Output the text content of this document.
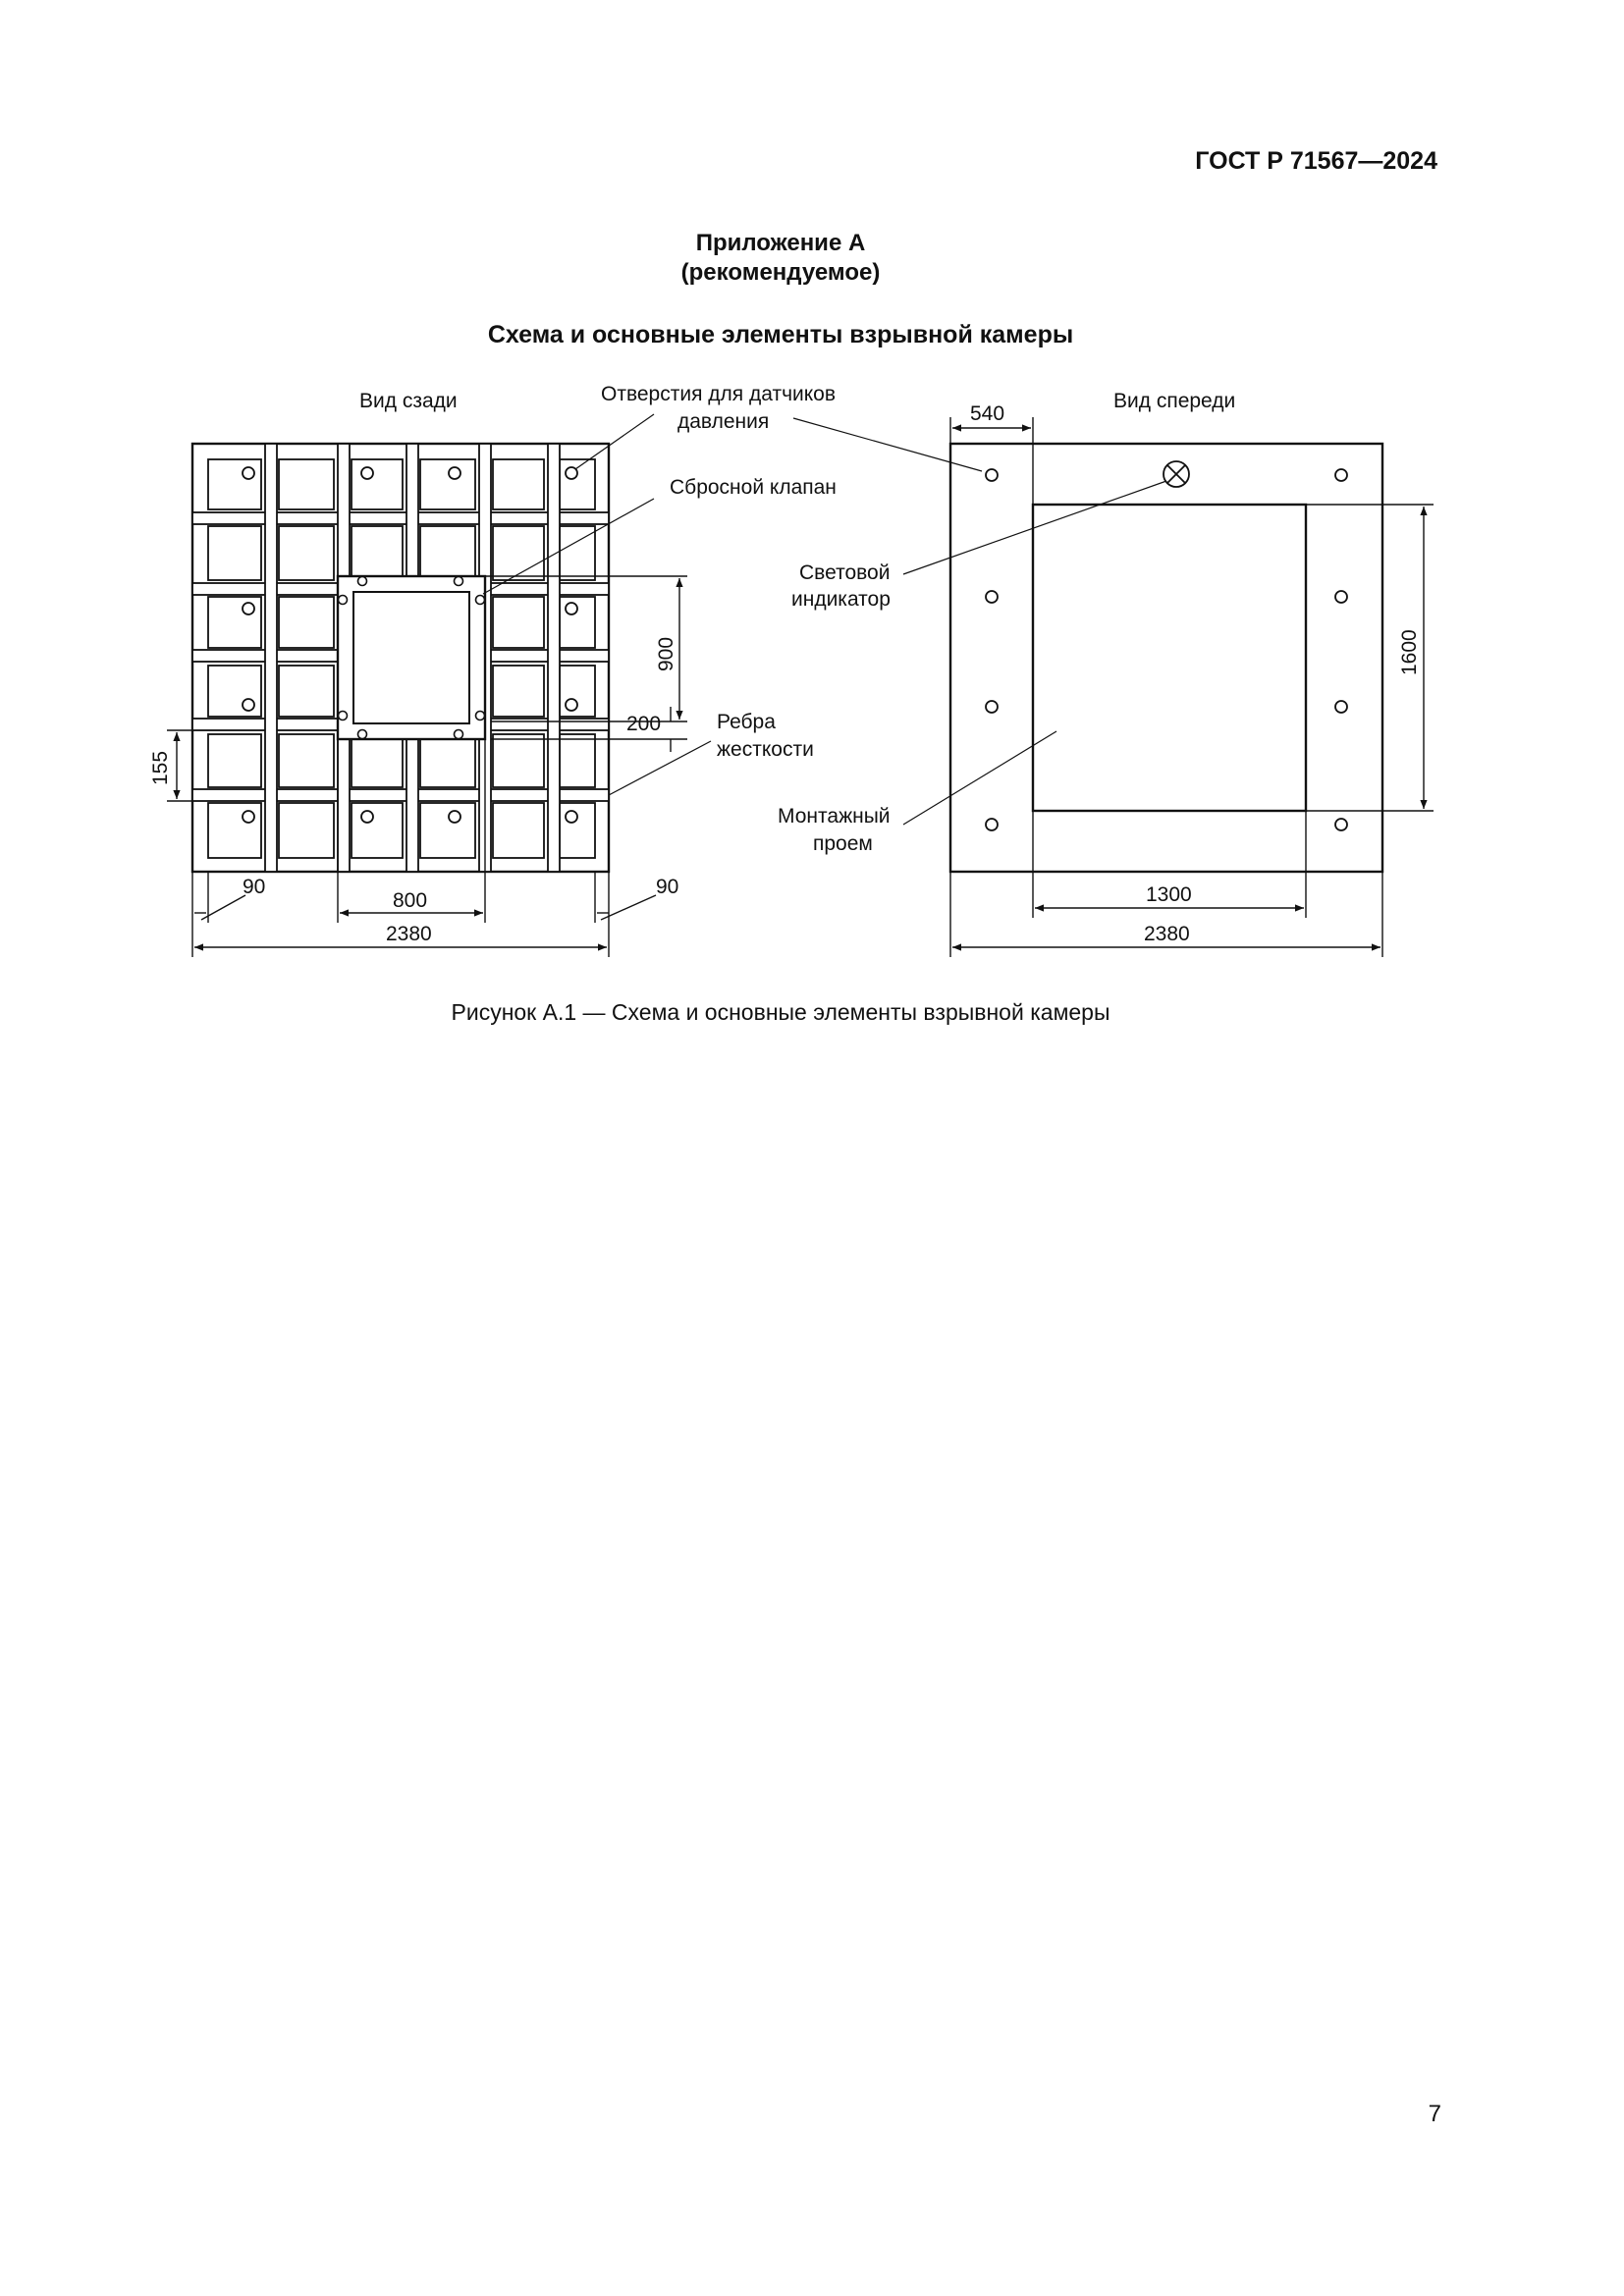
ГОСТ Р 71567—2024
Приложение А
(рекомендуемое)
Схема и основные элементы взрывной камеры
Вид сзади
2380
800
90	90
155
900
200
Отверстия для датчиков
давления
Сбросной клапан
Ребра
жесткости
Вид спереди
2380
1300
540
1600
Световой
индикатор
Монтажный
проем
Рисунок А.1 — Схема и основные элементы взрывной камеры
7
